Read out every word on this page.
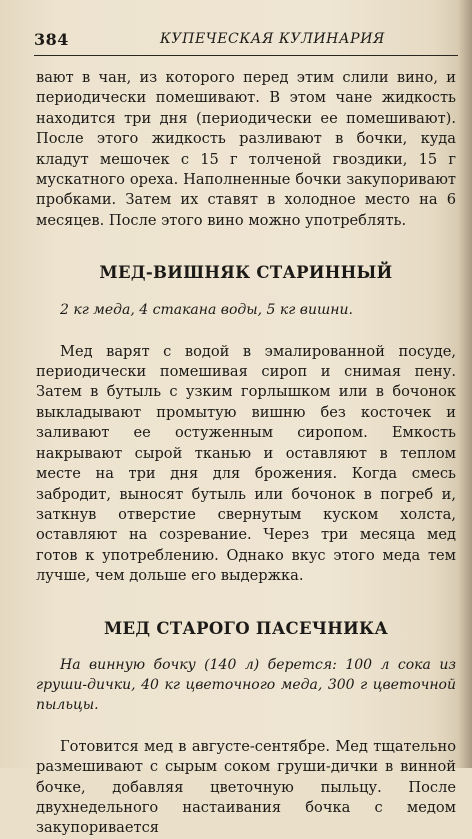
384	КУПЕЧЕСКАЯ КУЛИНАРИЯ

вают в чан, из которого перед этим слили вино, и периодически помешивают. В этом чане жидкость находится три дня (периодически ее помешивают). После этого жидкость разливают в бочки, куда кладут мешочек с 15 г толченой гвоздики, 15 г мускатного ореха. Наполненные бочки закупоривают пробками. Затем их ставят в холодное место на 6 месяцев. После этого вино можно употреблять.

МЕД-ВИШНЯК СТАРИННЫЙ

2 кг меда, 4 стакана воды, 5 кг вишни.

Мед варят с водой в эмалированной посуде, периодически помешивая сироп и снимая пену. Затем в бутыль с узким горлышком или в бочонок выкладывают промытую вишню без косточек и заливают ее остуженным сиропом. Емкость накрывают сырой тканью и оставляют в теплом месте на три дня для брожения. Когда смесь забродит, выносят бутыль или бочонок в погреб и, заткнув отверстие свернутым куском холста, оставляют на созревание. Через три месяца мед готов к употреблению. Однако вкус этого меда тем лучше, чем дольше его выдержка.

МЕД СТАРОГО ПАСЕЧНИКА

На винную бочку (140 л) берется: 100 л сока из груши-дички, 40 кг цветочного меда, 300 г цветочной пыльцы.

Готовится мед в августе-сентябре. Мед тщательно размешивают с сырым соком груши-дички в винной бочке, добавляя цветочную пыльцу. После двухнедельного настаивания бочка с медом закупоривается
